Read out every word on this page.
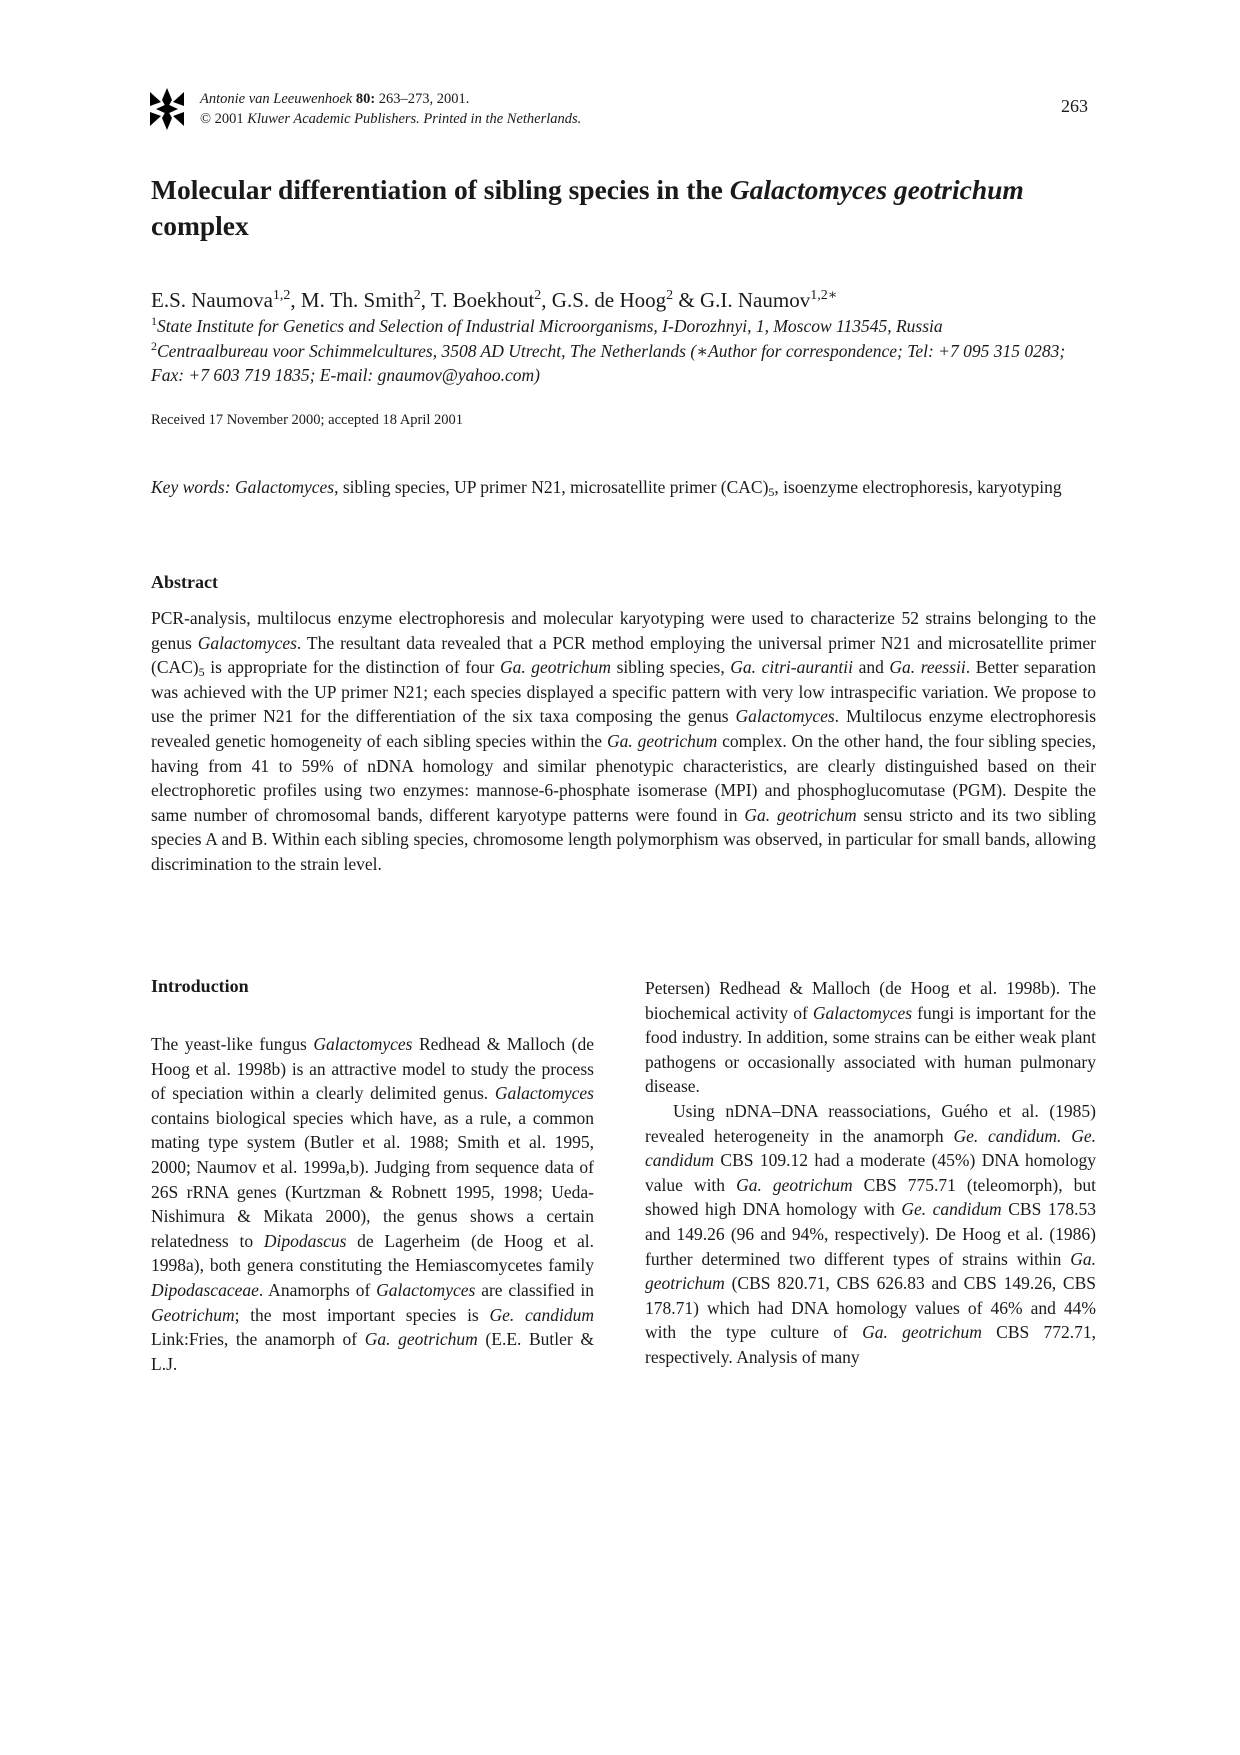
Antonie van Leeuwenhoek 80: 263–273, 2001.
© 2001 Kluwer Academic Publishers. Printed in the Netherlands.
263
Molecular differentiation of sibling species in the Galactomyces geotrichum complex
E.S. Naumova$^{1,2}$, M. Th. Smith$^2$, T. Boekhout$^2$, G.S. de Hoog$^2$ & G.I. Naumov$^{1,2∗}$

$^1$State Institute for Genetics and Selection of Industrial Microorganisms, I-Dorozhnyi, 1, Moscow 113545, Russia

$^2$Centraalbureau voor Schimmelcultures, 3508 AD Utrecht, The Netherlands (∗Author for correspondence; Tel: +7 095 315 0283; Fax: +7 603 719 1835; E-mail: gnaumov@yahoo.com)

Received 17 November 2000; accepted 18 April 2001
Key words: Galactomyces, sibling species, UP primer N21, microsatellite primer $(CAC)_5$, isoenzyme electrophoresis, karyotyping
Abstract

PCR-analysis, multilocus enzyme electrophoresis and molecular karyotyping were used to characterize 52 strains belonging to the genus Galactomyces. The resultant data revealed that a PCR method employing the universal primer N21 and microsatellite primer $(CAC)_5$ is appropriate for the distinction of four Ga. geotrichum sibling species, Ga. citri-aurantii and Ga. reessii. Better separation was achieved with the UP primer N21; each species displayed a specific pattern with very low intraspecific variation. We propose to use the primer N21 for the differentiation of the six taxa composing the genus Galactomyces. Multilocus enzyme electrophoresis revealed genetic homogeneity of each sibling species within the Ga. geotrichum complex. On the other hand, the four sibling species, having from 41 to 59% of nDNA homology and similar phenotypic characteristics, are clearly distinguished based on their electrophoretic profiles using two enzymes: mannose-6-phosphate isomerase (MPI) and phosphoglucomutase (PGM). Despite the same number of chromosomal bands, different karyotype patterns were found in Ga. geotrichum sensu stricto and its two sibling species A and B. Within each sibling species, chromosome length polymorphism was observed, in particular for small bands, allowing discrimination to the strain level.

Introduction

The yeast-like fungus Galactomyces Redhead & Malloch (de Hoog et al. 1998b) is an attractive model to study the process of speciation within a clearly delimited genus. Galactomyces contains biological species which have, as a rule, a common mating type system (Butler et al. 1988; Smith et al. 1995, 2000; Naumov et al. 1999a,b). Judging from sequence data of 26S rRNA genes (Kurtzman & Robnett 1995, 1998; Ueda-Nishimura & Mikata 2000), the genus shows a certain relatedness to Dipodascus de Lagerheim (de Hoog et al. 1998a), both genera constituting the Hemiascomycetes family Dipodascaceae. Anamorphs of Galactomyces are classified in Geotrichum; the most important species is Ge. candidum Link:Fries, the anamorph of Ga. geotrichum (E.E. Butler & L.J.

Petersen) Redhead & Malloch (de Hoog et al. 1998b). The biochemical activity of Galactomyces fungi is important for the food industry. In addition, some strains can be either weak plant pathogens or occasionally associated with human pulmonary disease.

Using nDNA–DNA reassociations, Guého et al. (1985) revealed heterogeneity in the anamorph Ge. candidum. Ge. candidum CBS 109.12 had a moderate (45%) DNA homology value with Ga. geotrichum CBS 775.71 (teleomorph), but showed high DNA homology with Ge. candidum CBS 178.53 and 149.26 (96 and 94%, respectively). De Hoog et al. (1986) further determined two different types of strains within Ga. geotrichum (CBS 820.71, CBS 626.83 and CBS 149.26, CBS 178.71) which had DNA homology values of 46% and 44% with the type culture of Ga. geotrichum CBS 772.71, respectively. Analysis of many
